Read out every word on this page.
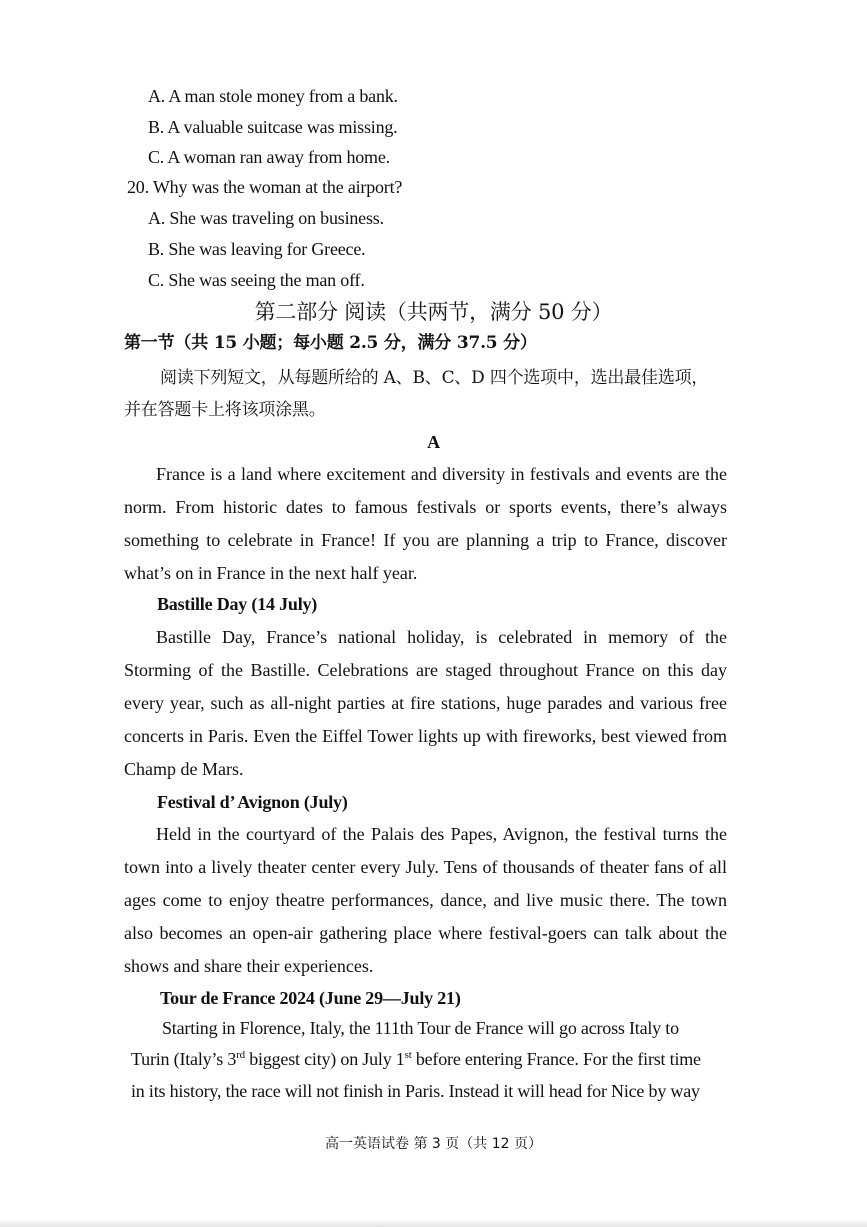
A. A man stole money from a bank.
B. A valuable suitcase was missing.
C. A woman ran away from home.
20. Why was the woman at the airport?
A. She was traveling on business.
B. She was leaving for Greece.
C. She was seeing the man off.
第二部分 阅读（共两节，满分 50 分）
第一节（共 15 小题；每小题 2.5 分，满分 37.5 分）
阅读下列短文，从每题所给的 A、B、C、D 四个选项中，选出最佳选项，
并在答题卡上将该项涂黑。
A
France is a land where excitement and diversity in festivals and events are the norm. From historic dates to famous festivals or sports events, there’s always something to celebrate in France! If you are planning a trip to France, discover what’s on in France in the next half year.
Bastille Day (14 July)
Bastille Day, France’s national holiday, is celebrated in memory of the Storming of the Bastille. Celebrations are staged throughout France on this day every year, such as all-night parties at fire stations, huge parades and various free concerts in Paris. Even the Eiffel Tower lights up with fireworks, best viewed from Champ de Mars.
Festival d’ Avignon (July)
Held in the courtyard of the Palais des Papes, Avignon, the festival turns the town into a lively theater center every July. Tens of thousands of theater fans of all ages come to enjoy theatre performances, dance, and live music there. The town also becomes an open-air gathering place where festival-goers can talk about the shows and share their experiences.
Tour de France 2024 (June 29—July 21)
Starting in Florence, Italy, the 111th Tour de France will go across Italy to
Turin (Italy’s 3rd biggest city) on July 1st before entering France. For the first time
in its history, the race will not finish in Paris. Instead it will head for Nice by way
高一英语试卷 第 3 页（共 12 页）
